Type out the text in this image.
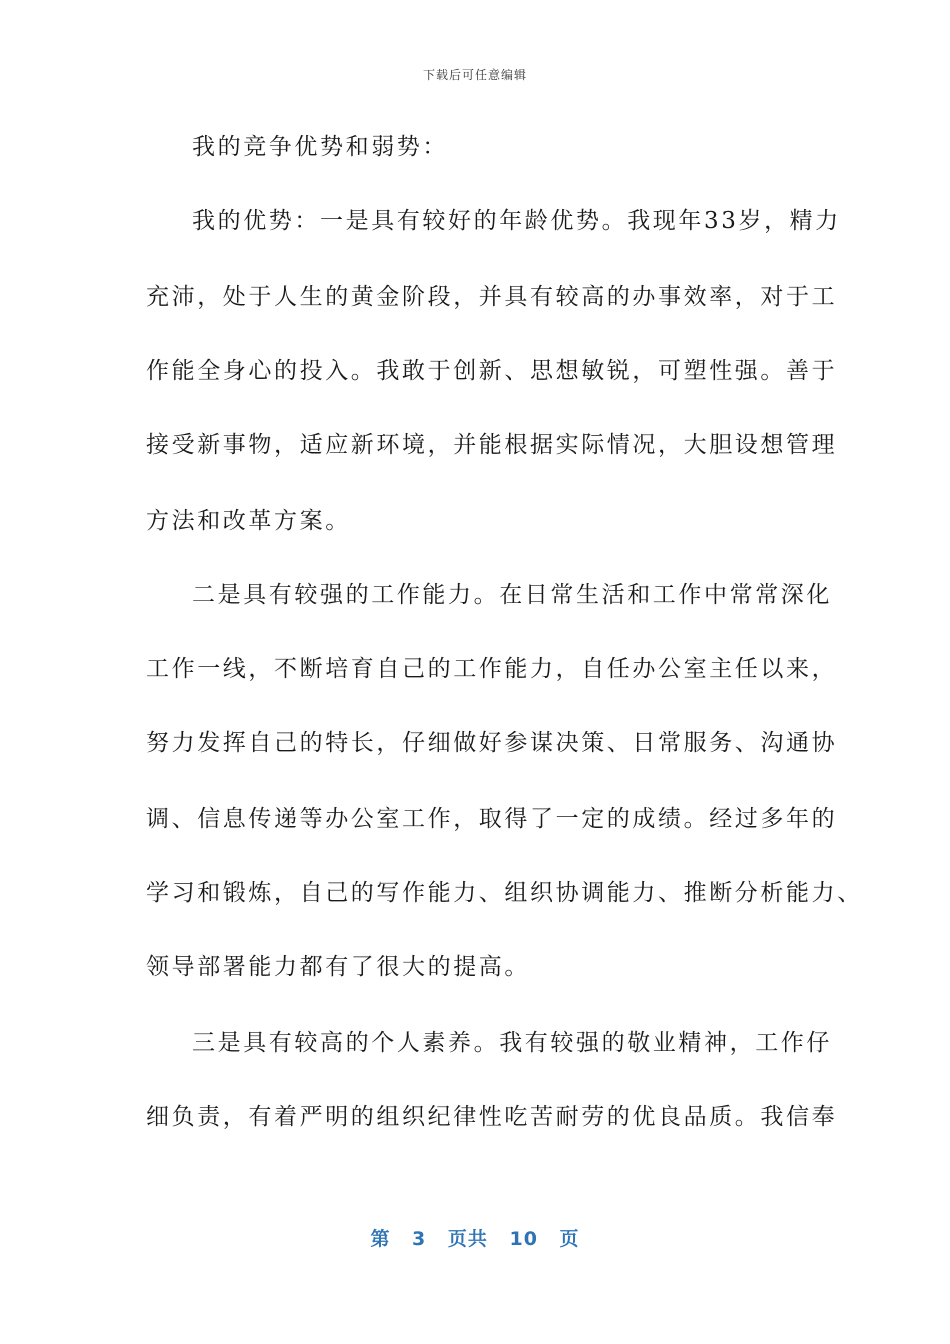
下载后可任意编辑
我的竞争优势和弱势：
我的优势：一是具有较好的年龄优势。我现年33岁，精力
充沛，处于人生的黄金阶段，并具有较高的办事效率，对于工
作能全身心的投入。我敢于创新、思想敏锐，可塑性强。善于
接受新事物，适应新环境，并能根据实际情况，大胆设想管理
方法和改革方案。
二是具有较强的工作能力。在日常生活和工作中常常深化
工作一线，不断培育自己的工作能力，自任办公室主任以来，
努力发挥自己的特长，仔细做好参谋决策、日常服务、沟通协
调、信息传递等办公室工作，取得了一定的成绩。经过多年的
学习和锻炼，自己的写作能力、组织协调能力、推断分析能力、
领导部署能力都有了很大的提高。
三是具有较高的个人素养。我有较强的敬业精神，工作仔
细负责，有着严明的组织纪律性吃苦耐劳的优良品质。我信奉
第 3 页共 10 页
